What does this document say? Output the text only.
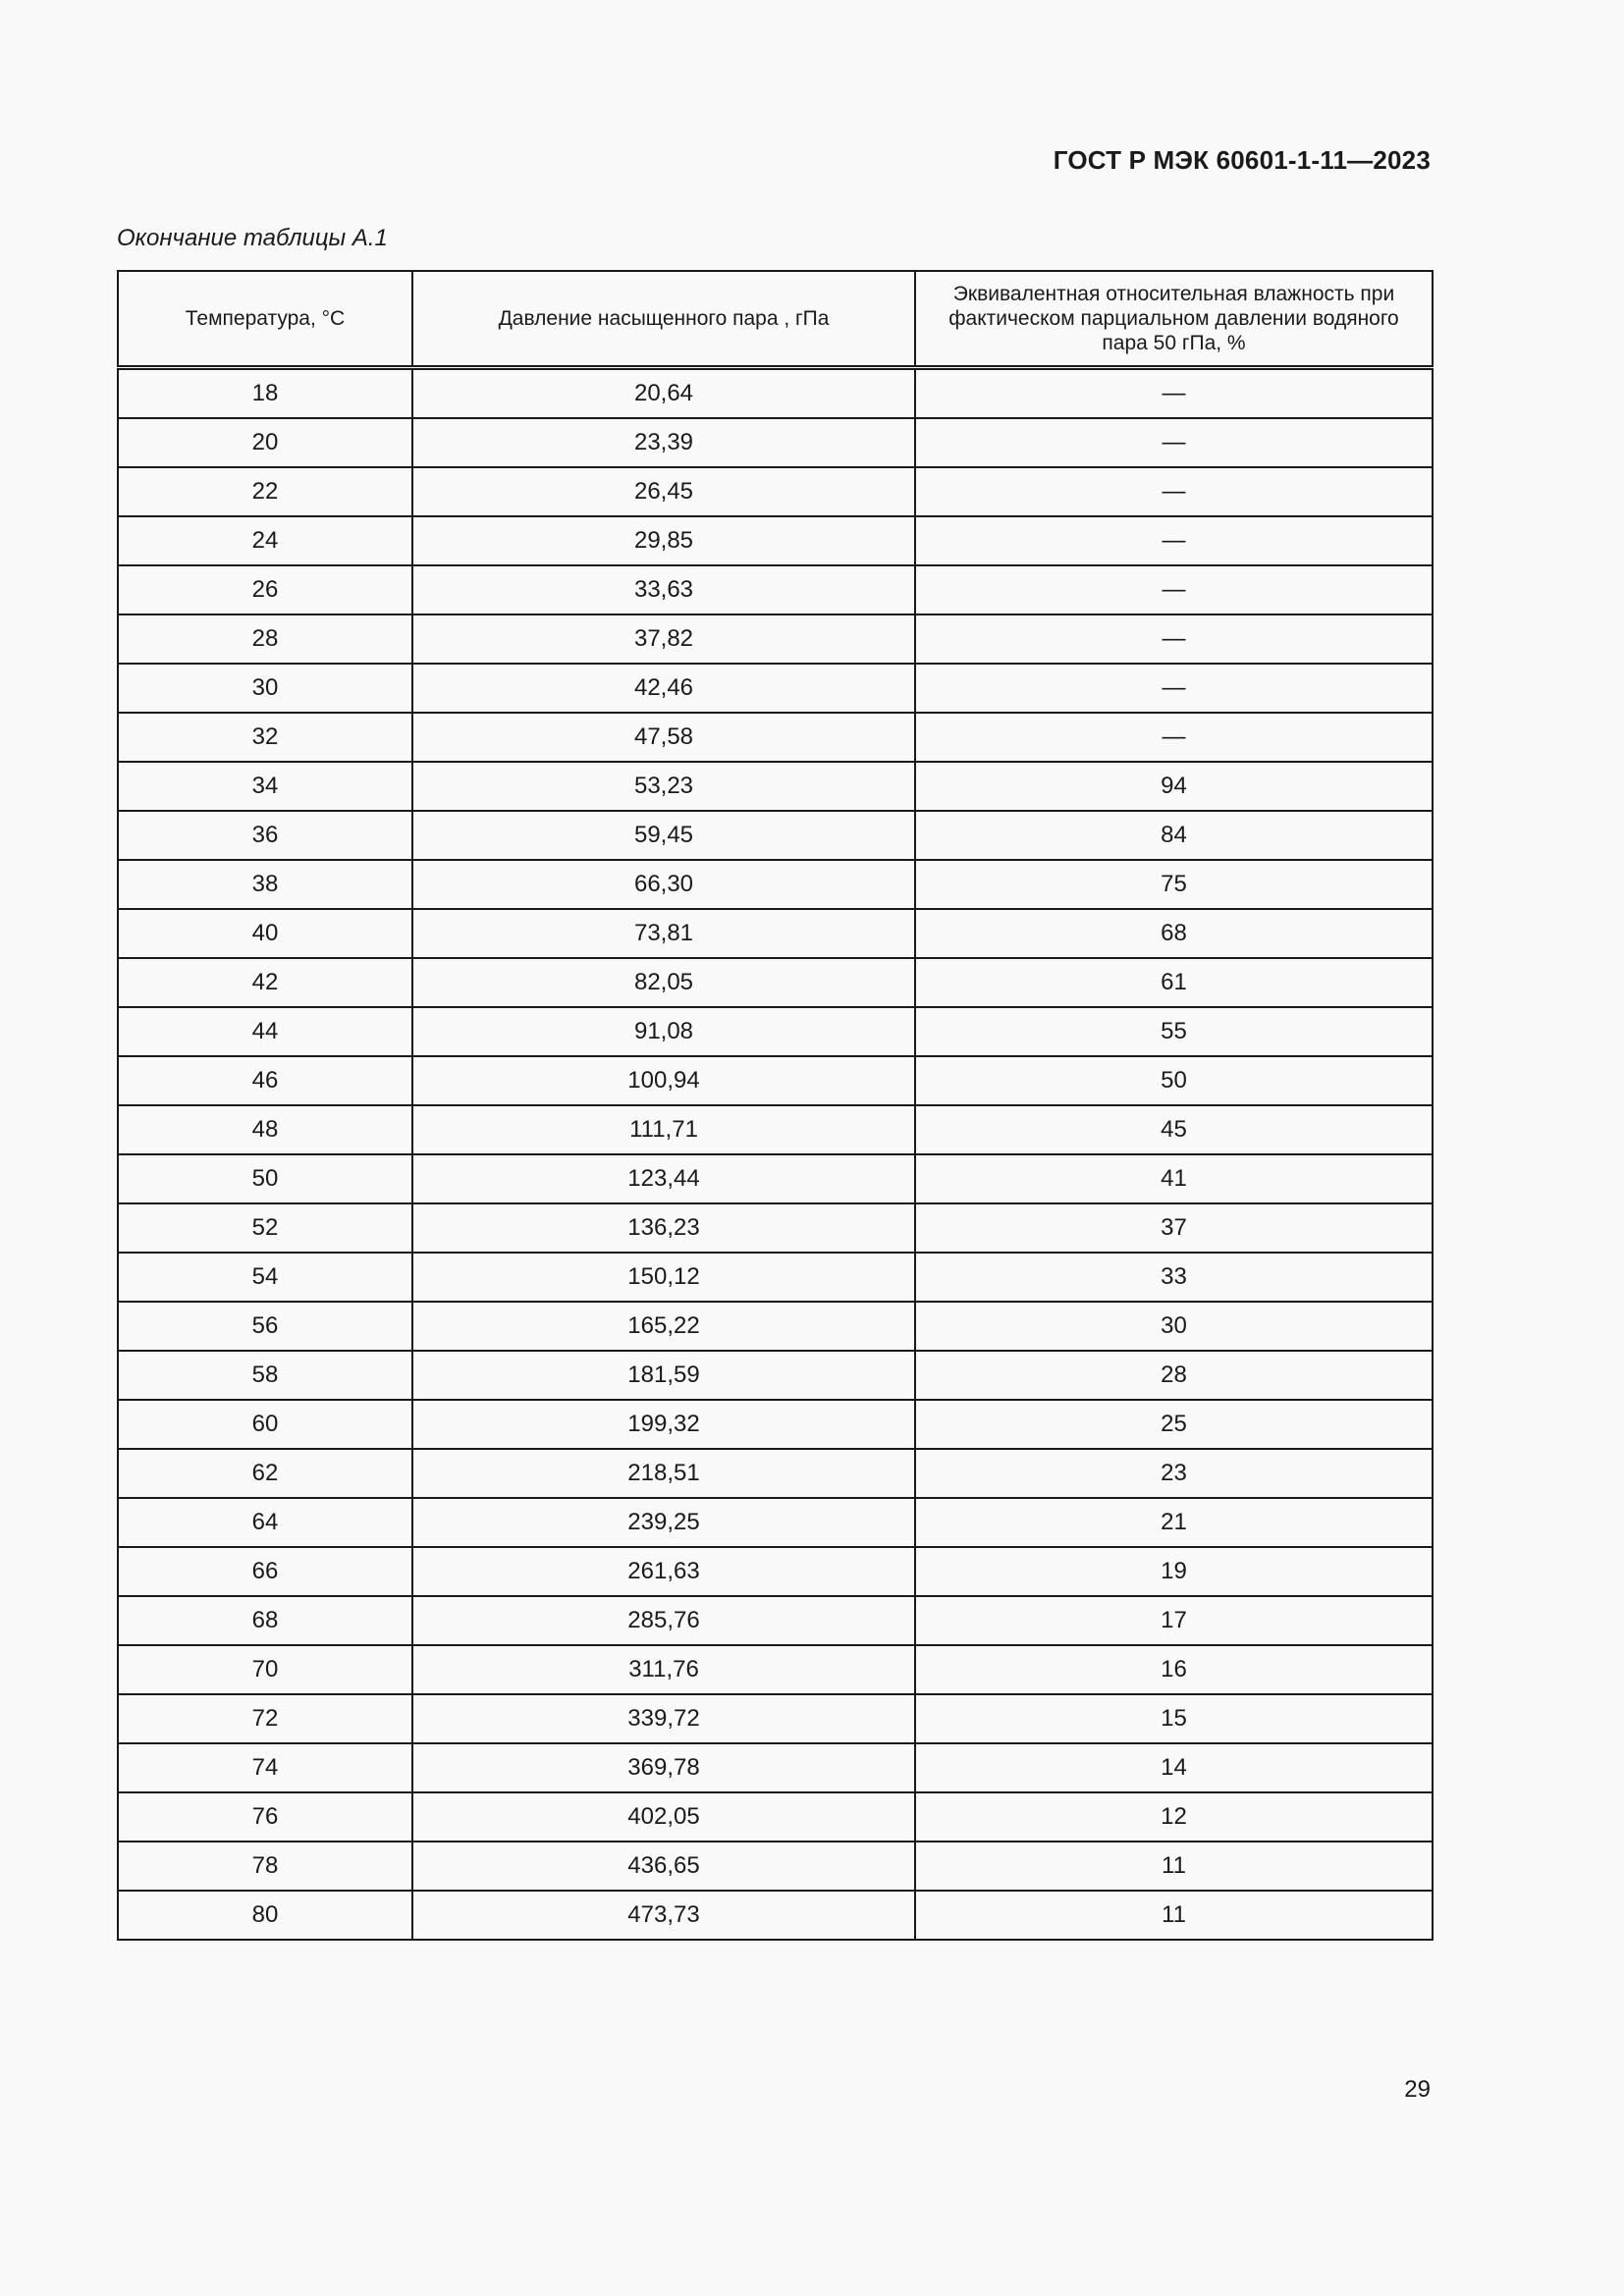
ГОСТ Р МЭК 60601-1-11—2023
Окончание таблицы А.1
Температура, °С	Давление насыщенного пара , гПа	Эквивалентная относительная влажность при фактическом парциальном давлении водяного пара 50 гПа, %
18	20,64	—
20	23,39	—
22	26,45	—
24	29,85	—
26	33,63	—
28	37,82	—
30	42,46	—
32	47,58	—
34	53,23	94
36	59,45	84
38	66,30	75
40	73,81	68
42	82,05	61
44	91,08	55
46	100,94	50
48	111,71	45
50	123,44	41
52	136,23	37
54	150,12	33
56	165,22	30
58	181,59	28
60	199,32	25
62	218,51	23
64	239,25	21
66	261,63	19
68	285,76	17
70	311,76	16
72	339,72	15
74	369,78	14
76	402,05	12
78	436,65	11
80	473,73	11
29
